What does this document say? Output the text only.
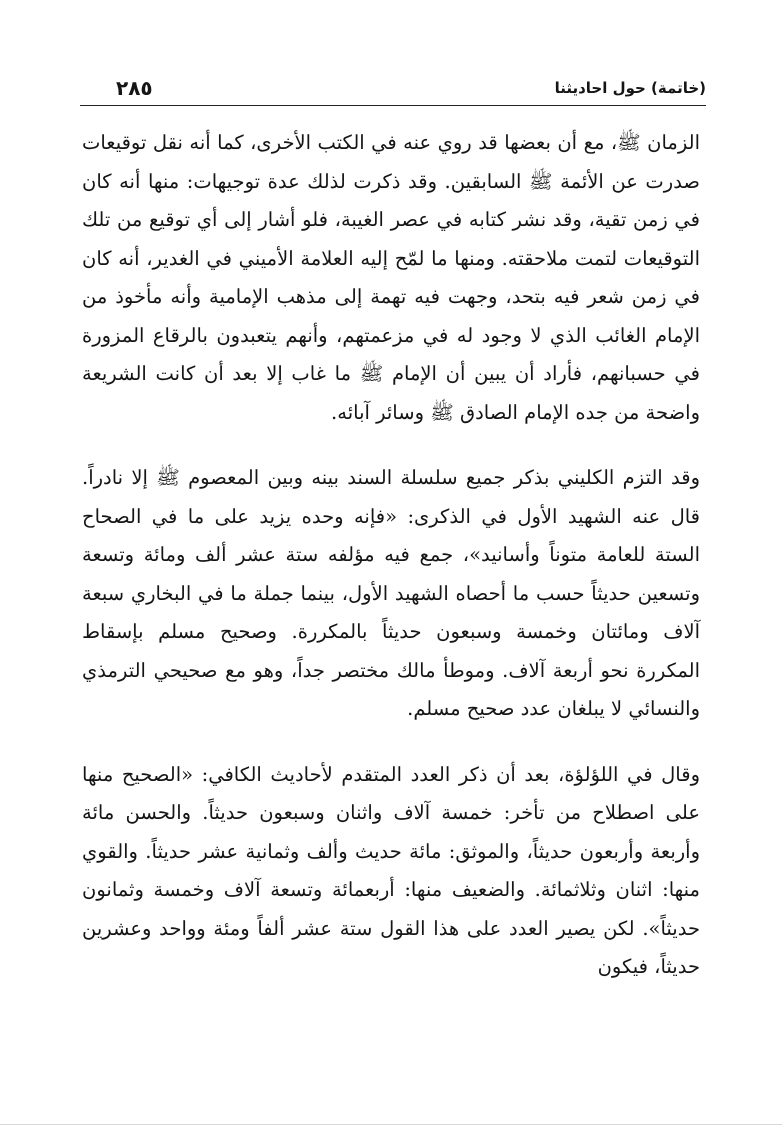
٢٨٥	(خاتمة) حول احاديثنا

الزمان ﷺ، مع أن بعضها قد روي عنه في الكتب الأخرى، كما أنه نقل توقيعات صدرت عن الأئمة ﷺ السابقين. وقد ذكرت لذلك عدة توجيهات: منها أنه كان في زمن تقية، وقد نشر كتابه في عصر الغيبة، فلو أشار إلى أي توقيع من تلك التوقيعات لتمت ملاحقته. ومنها ما لمّح إليه العلامة الأميني في الغدير، أنه كان في زمن شعر فيه بتحد، وجهت فيه تهمة إلى مذهب الإمامية وأنه مأخوذ من الإمام الغائب الذي لا وجود له في مزعمتهم، وأنهم يتعبدون بالرقاع المزورة في حسبانهم، فأراد أن يبين أن الإمام ﷺ ما غاب إلا بعد أن كانت الشريعة واضحة من جده الإمام الصادق ﷺ وسائر آبائه.

وقد التزم الكليني بذكر جميع سلسلة السند بينه وبين المعصوم ﷺ إلا نادراً. قال عنه الشهيد الأول في الذكرى: «فإنه وحده يزيد على ما في الصحاح الستة للعامة متوناً وأسانيد»، جمع فيه مؤلفه ستة عشر ألف ومائة وتسعة وتسعين حديثاً حسب ما أحصاه الشهيد الأول، بينما جملة ما في البخاري سبعة آلاف ومائتان وخمسة وسبعون حديثاً بالمكررة. وصحيح مسلم بإسقاط المكررة نحو أربعة آلاف. وموطأ مالك مختصر جداً، وهو مع صحيحي الترمذي والنسائي لا يبلغان عدد صحيح مسلم.

وقال في اللؤلؤة، بعد أن ذكر العدد المتقدم لأحاديث الكافي: «الصحيح منها على اصطلاح من تأخر: خمسة آلاف واثنان وسبعون حديثاً. والحسن مائة وأربعة وأربعون حديثاً، والموثق: مائة حديث وألف وثمانية عشر حديثاً. والقوي منها: اثنان وثلاثمائة. والضعيف منها: أربعمائة وتسعة آلاف وخمسة وثمانون حديثاً». لكن يصير العدد على هذا القول ستة عشر ألفاً ومئة وواحد وعشرين حديثاً، فيكون
